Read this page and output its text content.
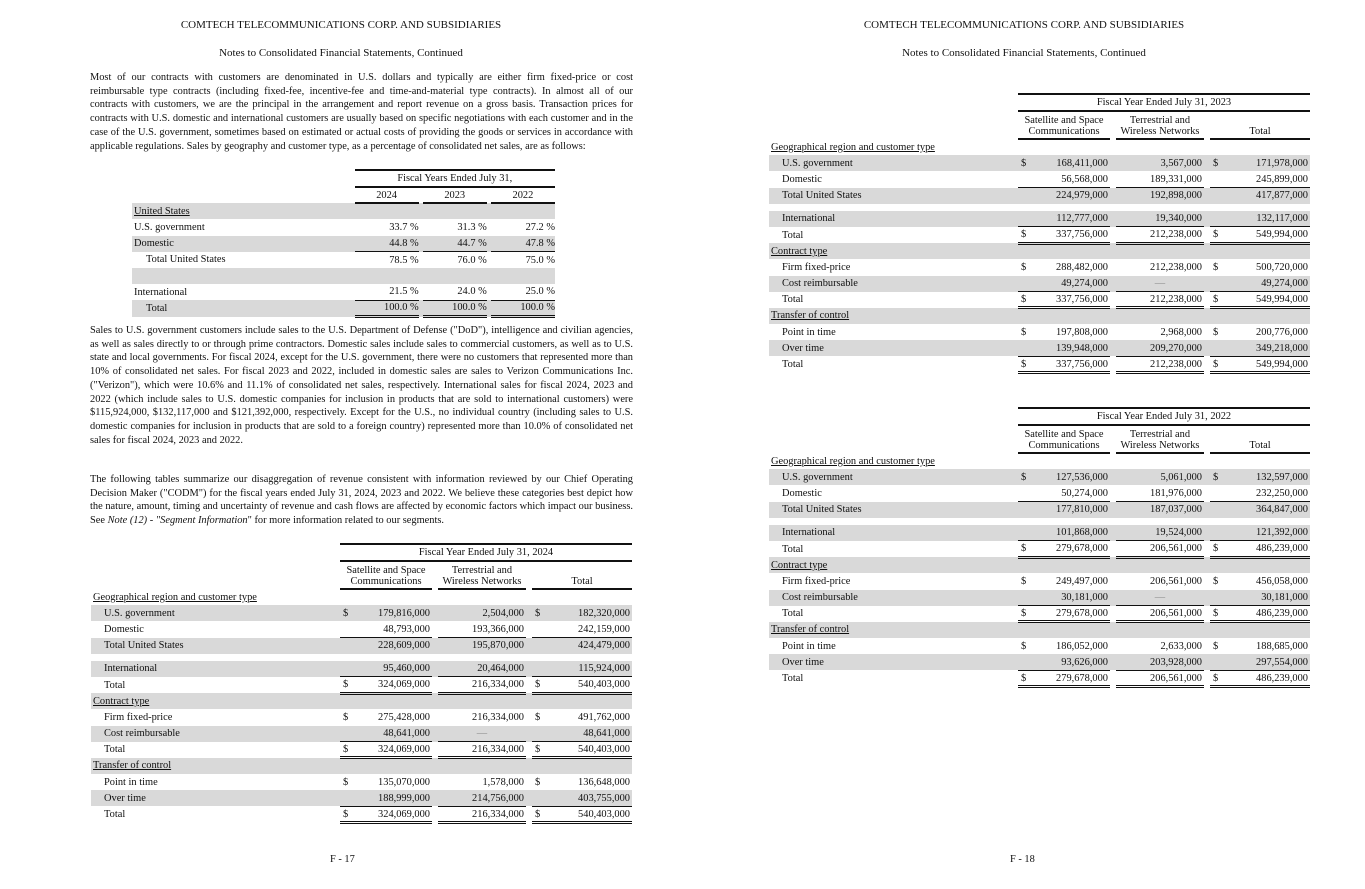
COMTECH TELECOMMUNICATIONS CORP. AND SUBSIDIARIES
Notes to Consolidated Financial Statements, Continued
Most of our contracts with customers are denominated in U.S. dollars and typically are either firm fixed-price or cost reimbursable type contracts (including fixed-fee, incentive-fee and time-and-material type contracts). In almost all of our contracts with customers, we are the principal in the arrangement and report revenue on a gross basis. Transaction prices for contracts with U.S. domestic and international customers are usually based on specific negotiations with each customer and in the case of the U.S. government, sometimes based on estimated or actual costs of providing the goods or services in accordance with applicable regulations. Sales by geography and customer type, as a percentage of consolidated net sales, are as follows:
	Fiscal Years Ended July 31,				
	2024		2023		2022
United States					
U.S. government	33.7 %		31.3 %		27.2 %
Domestic	44.8 %		44.7 %		47.8 %
Total United States	78.5 %		76.0 %		75.0 %

International	21.5 %		24.0 %		25.0 %
Total	100.0 %		100.0 %		100.0 %
Sales to U.S. government customers include sales to the U.S. Department of Defense ("DoD"), intelligence and civilian agencies, as well as sales directly to or through prime contractors. Domestic sales include sales to commercial customers, as well as to U.S. state and local governments. For fiscal 2024, except for the U.S. government, there were no customers that represented more than 10% of consolidated net sales. For fiscal 2023 and 2022, included in domestic sales are sales to Verizon Communications Inc. ("Verizon"), which were 10.6% and 11.1% of consolidated net sales, respectively. International sales for fiscal 2024, 2023 and 2022 (which include sales to U.S. domestic companies for inclusion in products that are sold to international customers) were $115,924,000, $132,117,000 and $121,392,000, respectively. Except for the U.S., no individual country (including sales to U.S. domestic companies for inclusion in products that are sold to a foreign country) represented more than 10.0% of consolidated net sales for fiscal 2024, 2023 and 2022.
The following tables summarize our disaggregation of revenue consistent with information reviewed by our Chief Operating Decision Maker ("CODM") for the fiscal years ended July 31, 2024, 2023 and 2022. We believe these categories best depict how the nature, amount, timing and uncertainty of revenue and cash flows are affected by economic factors which impact our business. See Note (12) - "Segment Information" for more information related to our segments.
	Fiscal Year Ended July 31, 2024						
	Satellite and Space
Communications			Terrestrial and
Wireless Networks		Total	
Geographical region and customer type							
U.S. government	$	179,816,000		2,504,000		$	182,320,000
Domestic		48,793,000		193,366,000			242,159,000
Total United States		228,609,000		195,870,000			424,479,000

International		95,460,000		20,464,000			115,924,000
Total	$	324,069,000		216,334,000		$	540,403,000
Contract type							
Firm fixed-price	$	275,428,000		216,334,000		$	491,762,000
Cost reimbursable		48,641,000		—			48,641,000
Total	$	324,069,000		216,334,000		$	540,403,000
Transfer of control							
Point in time	$	135,070,000		1,578,000		$	136,648,000
Over time		188,999,000		214,756,000			403,755,000
Total	$	324,069,000		216,334,000		$	540,403,000
F - 17
COMTECH TELECOMMUNICATIONS CORP. AND SUBSIDIARIES
Notes to Consolidated Financial Statements, Continued
	Fiscal Year Ended July 31, 2023						
	Satellite and Space
Communications			Terrestrial and
Wireless Networks		Total	
Geographical region and customer type							
U.S. government	$	168,411,000		3,567,000		$	171,978,000
Domestic		56,568,000		189,331,000			245,899,000
Total United States		224,979,000		192,898,000			417,877,000

International		112,777,000		19,340,000			132,117,000
Total	$	337,756,000		212,238,000		$	549,994,000
Contract type							
Firm fixed-price	$	288,482,000		212,238,000		$	500,720,000
Cost reimbursable		49,274,000		—			49,274,000
Total	$	337,756,000		212,238,000		$	549,994,000
Transfer of control							
Point in time	$	197,808,000		2,968,000		$	200,776,000
Over time		139,948,000		209,270,000			349,218,000
Total	$	337,756,000		212,238,000		$	549,994,000
	Fiscal Year Ended July 31, 2022						
	Satellite and Space
Communications			Terrestrial and
Wireless Networks		Total	
Geographical region and customer type							
U.S. government	$	127,536,000		5,061,000		$	132,597,000
Domestic		50,274,000		181,976,000			232,250,000
Total United States		177,810,000		187,037,000			364,847,000

International		101,868,000		19,524,000			121,392,000
Total	$	279,678,000		206,561,000		$	486,239,000
Contract type							
Firm fixed-price	$	249,497,000		206,561,000		$	456,058,000
Cost reimbursable		30,181,000		—			30,181,000
Total	$	279,678,000		206,561,000		$	486,239,000
Transfer of control							
Point in time	$	186,052,000		2,633,000		$	188,685,000
Over time		93,626,000		203,928,000			297,554,000
Total	$	279,678,000		206,561,000		$	486,239,000
F - 18
